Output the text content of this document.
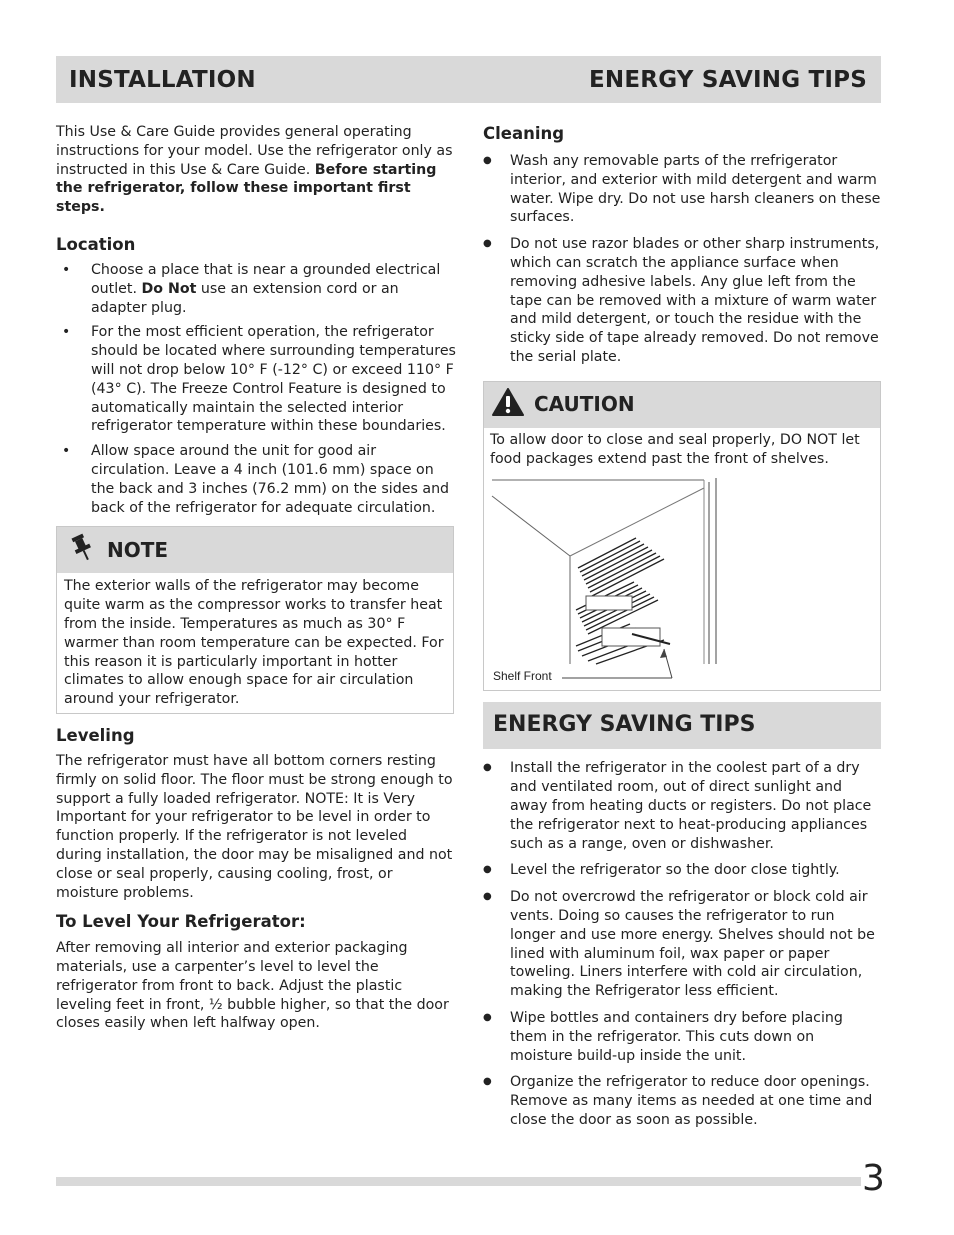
INSTALLATION	ENERGY SAVING TIPS

This Use & Care Guide provides general operating instructions for your model. Use the refrigerator only as instructed in this Use & Care Guide. Before starting the refrigerator, follow these important first steps.

Location
• Choose a place that is near a grounded electrical outlet. Do Not use an extension cord or an adapter plug.
• For the most efficient operation, the refrigerator should be located where surrounding temperatures will not drop below 10° F (-12° C) or exceed 110° F (43° C). The Freeze Control Feature is designed to automatically maintain the selected interior refrigerator temperature within these boundaries.
• Allow space around the unit for good air circulation. Leave a 4 inch (101.6 mm) space on the back and 3 inches (76.2 mm) on the sides and back of the refrigerator for adequate circulation.
NOTE
The exterior walls of the refrigerator may become quite warm as the compressor works to transfer heat from the inside. Temperatures as much as 30° F warmer than room temperature can be expected. For this reason it is particularly important in hotter climates to allow enough space for air circulation around your refrigerator.
Leveling

The refrigerator must have all bottom corners resting firmly on solid floor. The floor must be strong enough to support a fully loaded refrigerator. NOTE: It is Very Important for your refrigerator to be level in order to function properly. If the refrigerator is not leveled during installation, the door may be misaligned and not close or seal properly, causing cooling, frost, or moisture problems.

To Level Your Refrigerator:

After removing all interior and exterior packaging materials, use a carpenter’s level to level the refrigerator from front to back. Adjust the plastic leveling feet in front, ½ bubble higher, so that the door closes easily when left halfway open.

Cleaning
● Wash any removable parts of the rrefrigerator interior, and exterior with mild detergent and warm water. Wipe dry. Do not use harsh cleaners on these surfaces.
● Do not use razor blades or other sharp instruments, which can scratch the appliance surface when removing adhesive labels. Any glue left from the tape can be removed with a mixture of warm water and mild detergent, or touch the residue with the sticky side of tape already removed. Do not remove the serial plate.
CAUTION
To allow door to close and seal properly, DO NOT let food packages extend past the front of shelves.
Shelf Front
ENERGY SAVING TIPS
● Install the refrigerator in the coolest part of a dry and ventilated room, out of direct sunlight and away from heating ducts or registers. Do not place the refrigerator next to heat-producing appliances such as a range, oven or dishwasher.
● Level the refrigerator so the door close tightly.
● Do not overcrowd the refrigerator or block cold air vents. Doing so causes the refrigerator to run longer and use more energy. Shelves should not be lined with aluminum foil, wax paper or paper toweling. Liners interfere with cold air circulation, making the Refrigerator less efficient.
● Wipe bottles and containers dry before placing them in the refrigerator. This cuts down on moisture build-up inside the unit.
● Organize the refrigerator to reduce door openings. Remove as many items as needed at one time and close the door as soon as possible.
3
